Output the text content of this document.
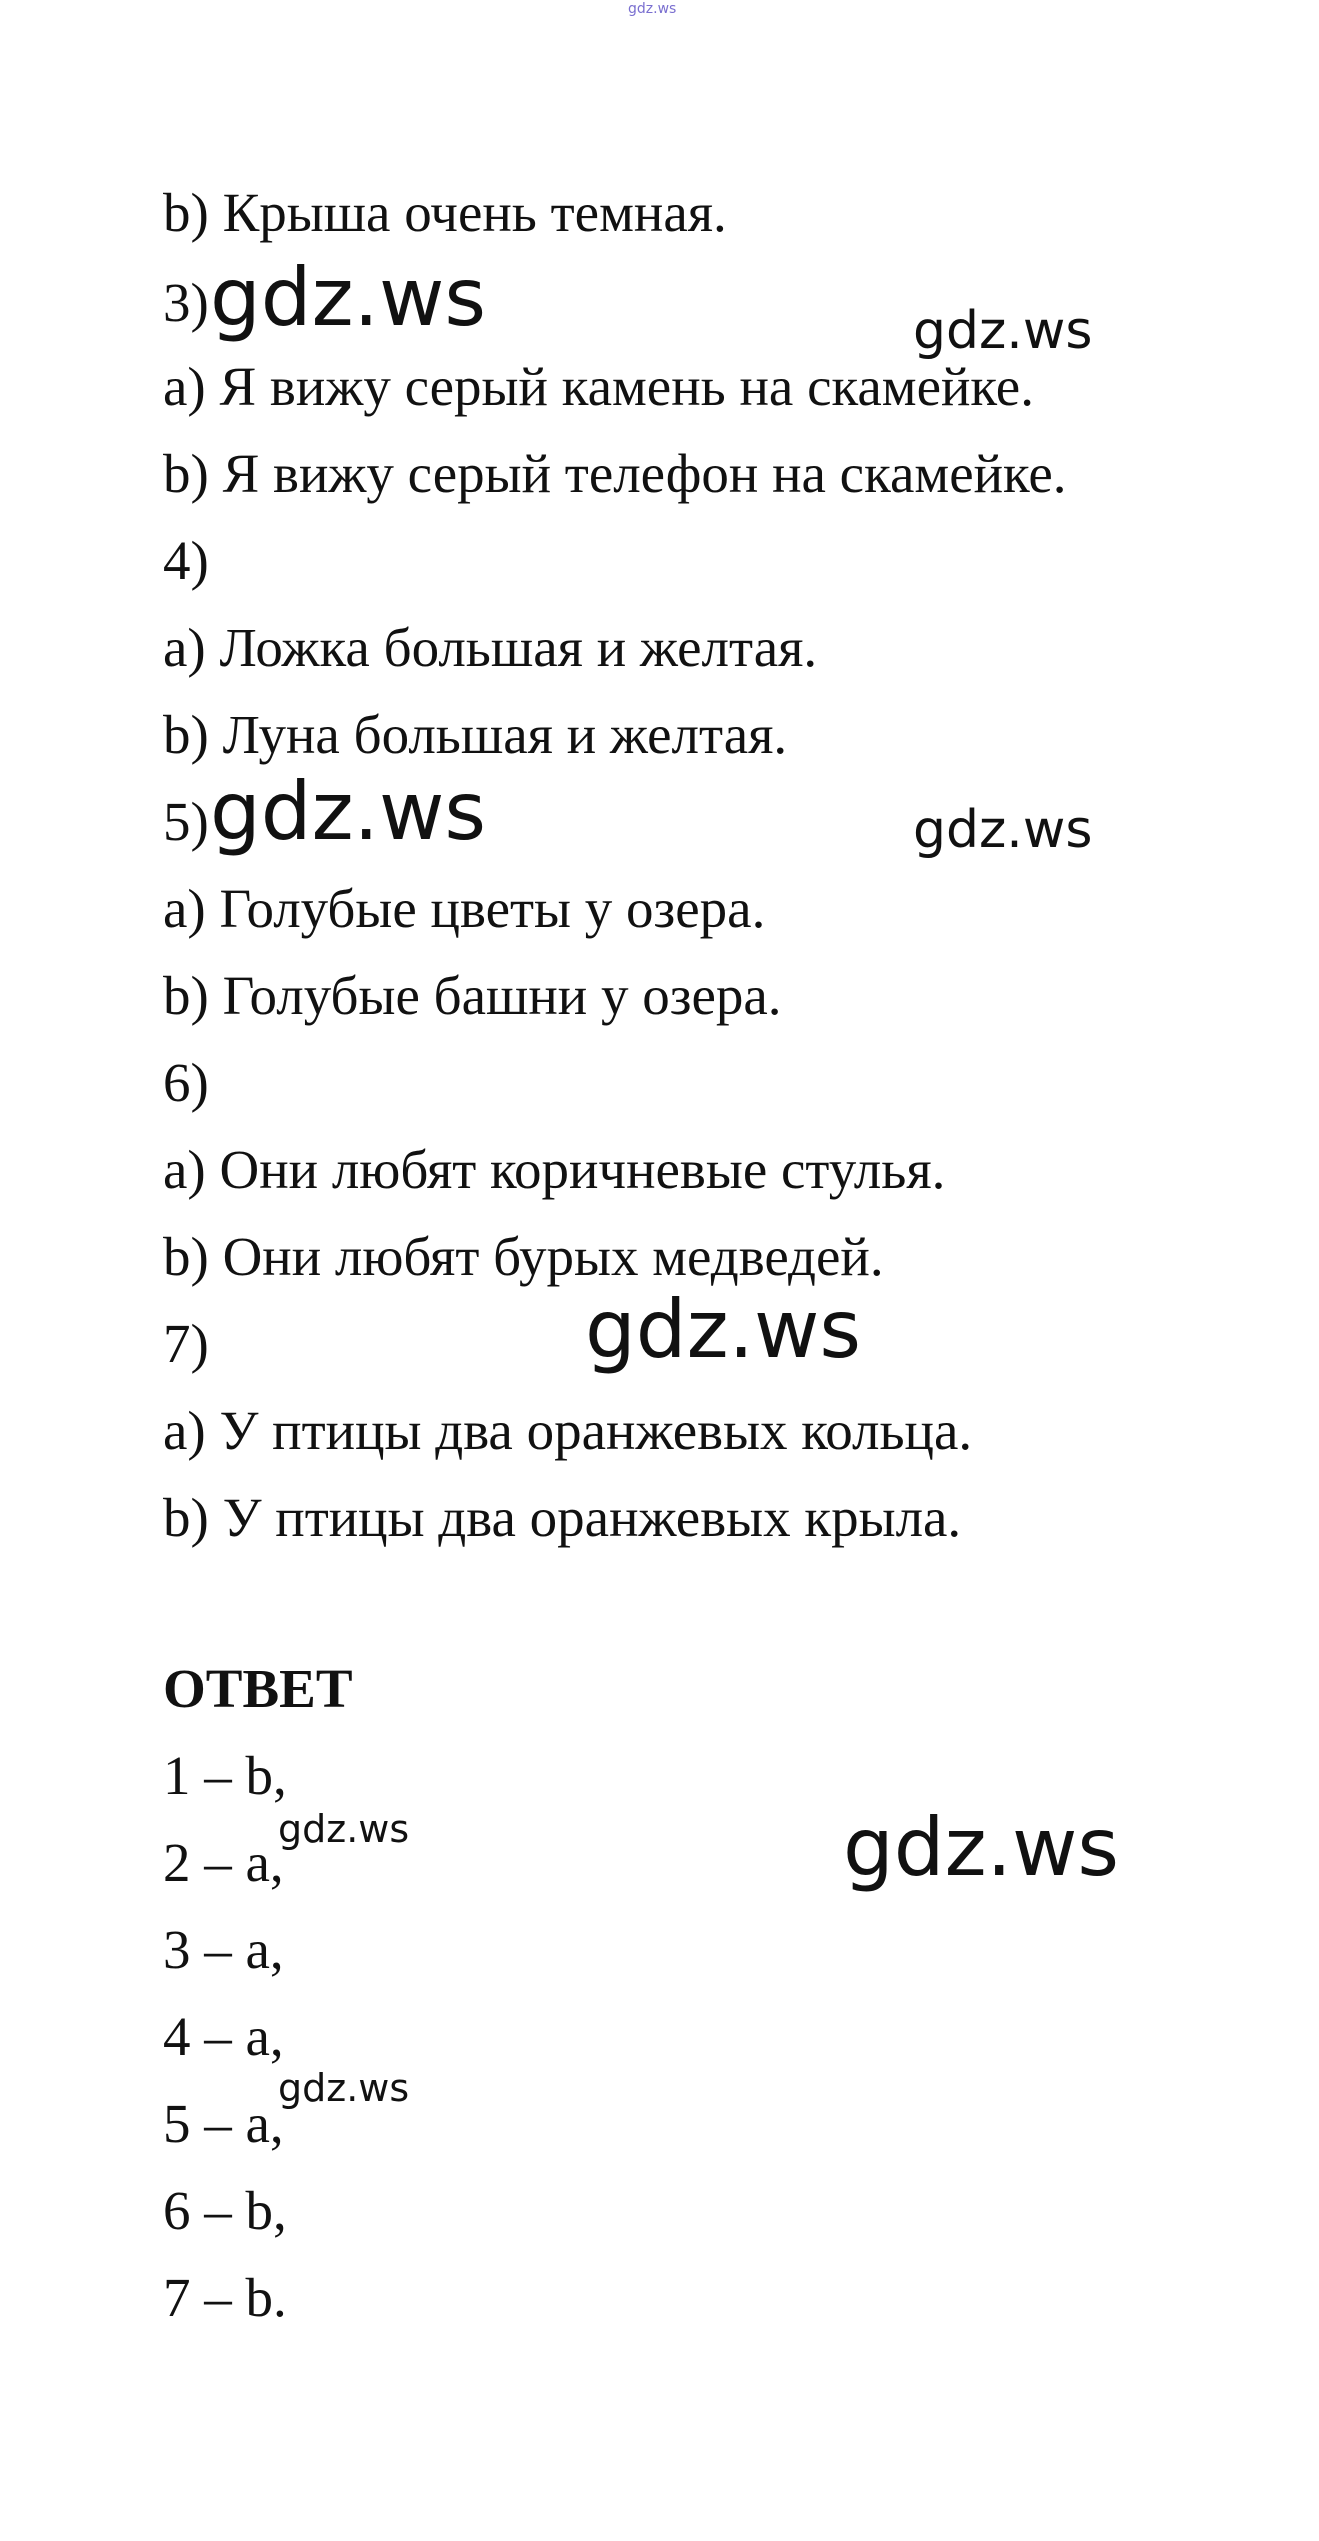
gdz.ws
b) Крыша очень темная.
3) gdz.ws	gdz.ws
a) Я вижу серый камень на скамейке.
b) Я вижу серый телефон на скамейке.
4)
a) Ложка большая и желтая.
b) Луна большая и желтая.
5) gdz.ws	gdz.ws
a) Голубые цветы у озера.
b) Голубые башни у озера.
6)
a) Они любят коричневые стулья.
b) Они любят бурых медведей.
7)	gdz.ws
a) У птицы два оранжевых кольца.
b) У птицы два оранжевых крыла.
ОТВЕТ
1 – b,
2 – a,
gdz.ws	gdz.ws
3 – a,
4 – a,
5 – a,
gdz.ws
6 – b,
7 – b.
